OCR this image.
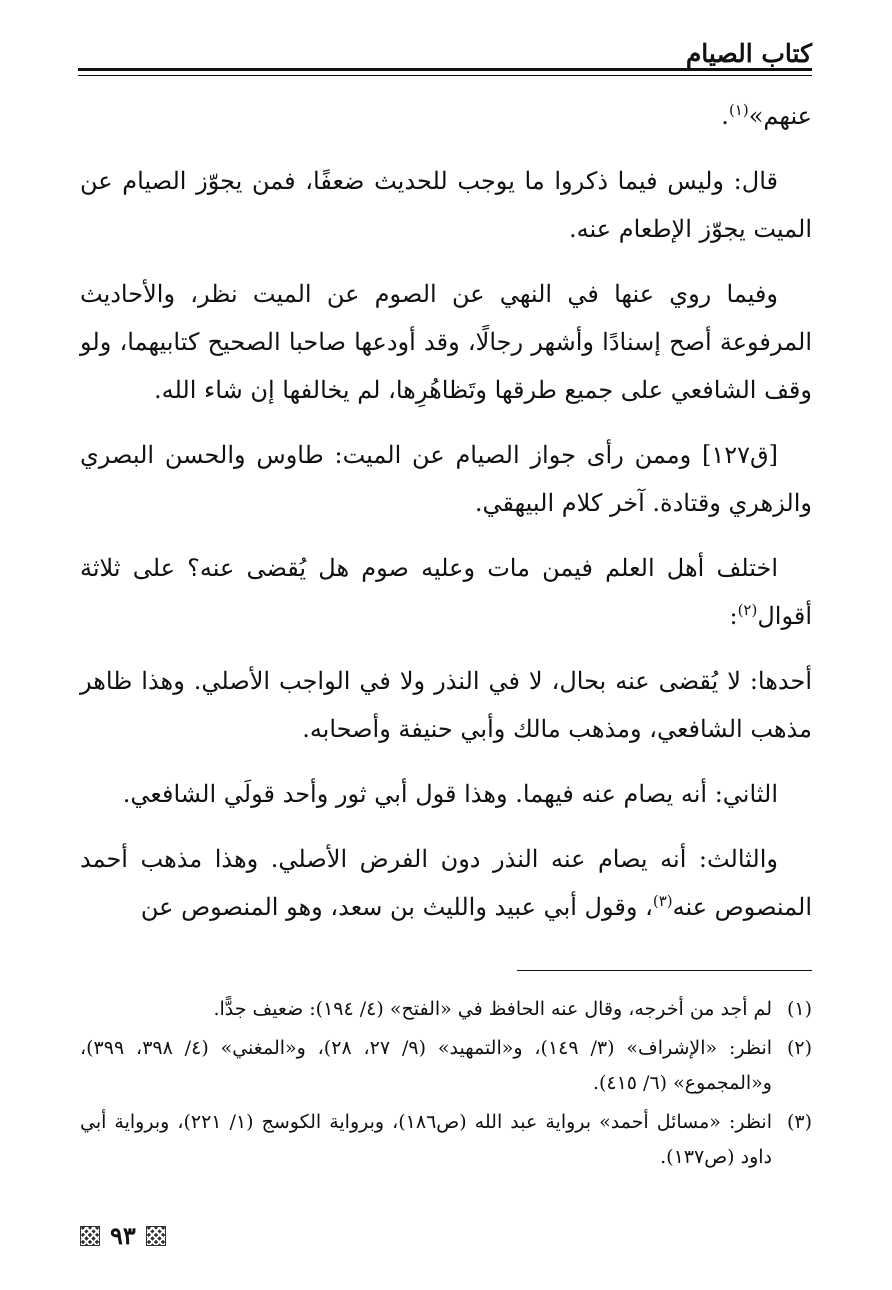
كتاب الصيام

عنهم»$^{(١)}$.

قال: وليس فيما ذكروا ما يوجب للحديث ضعفًا، فمن يجوّز الصيام عن الميت يجوّز الإطعام عنه.

وفيما روي عنها في النهي عن الصوم عن الميت نظر، والأحاديث المرفوعة أصح إسنادًا وأشهر رجالًا، وقد أودعها صاحبا الصحيح كتابيهما، ولو وقف الشافعي على جميع طرقها وتَظاهُرِها، لم يخالفها إن شاء الله.

[ق١٢٧] وممن رأى جواز الصيام عن الميت: طاوس والحسن البصري والزهري وقتادة. آخر كلام البيهقي.

اختلف أهل العلم فيمن مات وعليه صوم هل يُقضى عنه؟ على ثلاثة أقوال$^{(٢)}$:

أحدها: لا يُقضى عنه بحال، لا في النذر ولا في الواجب الأصلي. وهذا ظاهر مذهب الشافعي، ومذهب مالك وأبي حنيفة وأصحابه.

الثاني: أنه يصام عنه فيهما. وهذا قول أبي ثور وأحد قولَي الشافعي.

والثالث: أنه يصام عنه النذر دون الفرض الأصلي. وهذا مذهب أحمد المنصوص عنه$^{(٣)}$، وقول أبي عبيد والليث بن سعد، وهو المنصوص عن

(١)
لم أجد من أخرجه، وقال عنه الحافظ في «الفتح» (٤/ ١٩٤): ضعيف جدًّا.
(٢)
انظر: «الإشراف» (٣/ ١٤٩)، و«التمهيد» (٩/ ٢٧، ٢٨)، و«المغني» (٤/ ٣٩٨، ٣٩٩)، و«المجموع» (٦/ ٤١٥).
(٣)
انظر: «مسائل أحمد» برواية عبد الله (ص١٨٦)، وبرواية الكوسج (١/ ٢٢١)، وبرواية أبي داود (ص١٣٧).
٩٣
